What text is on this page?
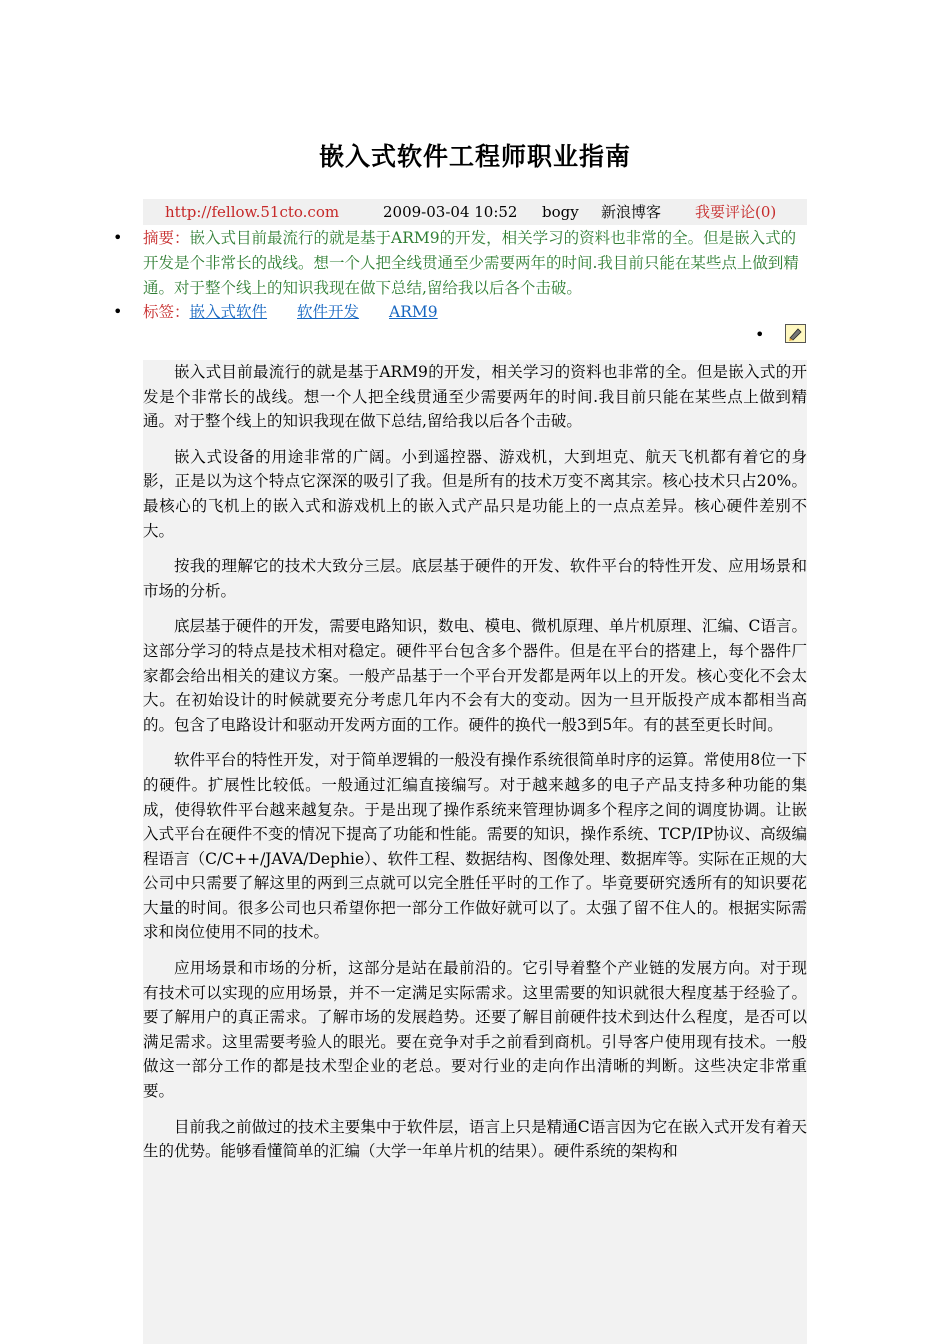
嵌入式软件工程师职业指南
http://fellow.51cto.com	2009-03-04 10:52 bogy 新浪博客 我要评论(0)
• 摘要：嵌入式目前最流行的就是基于ARM9的开发，相关学习的资料也非常的全。但是嵌入式的开发是个非常长的战线。想一个人把全线贯通至少需要两年的时间.我目前只能在某些点上做到精通。对于整个线上的知识我现在做下总结,留给我以后各个击破。

• 标签：嵌入式软件 软件开发 ARM9
•

嵌入式目前最流行的就是基于ARM9的开发，相关学习的资料也非常的全。但是嵌入式的开发是个非常长的战线。想一个人把全线贯通至少需要两年的时间.我目前只能在某些点上做到精通。对于整个线上的知识我现在做下总结,留给我以后各个击破。

嵌入式设备的用途非常的广阔。小到遥控器、游戏机，大到坦克、航天飞机都有着它的身影，正是以为这个特点它深深的吸引了我。但是所有的技术万变不离其宗。核心技术只占20%。最核心的飞机上的嵌入式和游戏机上的嵌入式产品只是功能上的一点点差异。核心硬件差别不大。

按我的理解它的技术大致分三层。底层基于硬件的开发、软件平台的特性开发、应用场景和市场的分析。

底层基于硬件的开发，需要电路知识，数电、模电、微机原理、单片机原理、汇编、C语言。这部分学习的特点是技术相对稳定。硬件平台包含多个器件。但是在平台的搭建上，每个器件厂家都会给出相关的建议方案。一般产品基于一个平台开发都是两年以上的开发。核心变化不会太大。在初始设计的时候就要充分考虑几年内不会有大的变动。因为一旦开版投产成本都相当高的。包含了电路设计和驱动开发两方面的工作。硬件的换代一般3到5年。有的甚至更长时间。

软件平台的特性开发，对于简单逻辑的一般没有操作系统很简单时序的运算。常使用8位一下的硬件。扩展性比较低。一般通过汇编直接编写。对于越来越多的电子产品支持多种功能的集成，使得软件平台越来越复杂。于是出现了操作系统来管理协调多个程序之间的调度协调。让嵌入式平台在硬件不变的情况下提高了功能和性能。需要的知识，操作系统、TCP/IP协议、高级编程语言（C/C++/JAVA/Dephie）、软件工程、数据结构、图像处理、数据库等。实际在正规的大公司中只需要了解这里的两到三点就可以完全胜任平时的工作了。毕竟要研究透所有的知识要花大量的时间。很多公司也只希望你把一部分工作做好就可以了。太强了留不住人的。根据实际需求和岗位使用不同的技术。

应用场景和市场的分析，这部分是站在最前沿的。它引导着整个产业链的发展方向。对于现有技术可以实现的应用场景，并不一定满足实际需求。这里需要的知识就很大程度基于经验了。要了解用户的真正需求。了解市场的发展趋势。还要了解目前硬件技术到达什么程度，是否可以满足需求。这里需要考验人的眼光。要在竞争对手之前看到商机。引导客户使用现有技术。一般做这一部分工作的都是技术型企业的老总。要对行业的走向作出清晰的判断。这些决定非常重要。

目前我之前做过的技术主要集中于软件层，语言上只是精通C语言因为它在嵌入式开发有着天生的优势。能够看懂简单的汇编（大学一年单片机的结果）。硬件系统的架构和
